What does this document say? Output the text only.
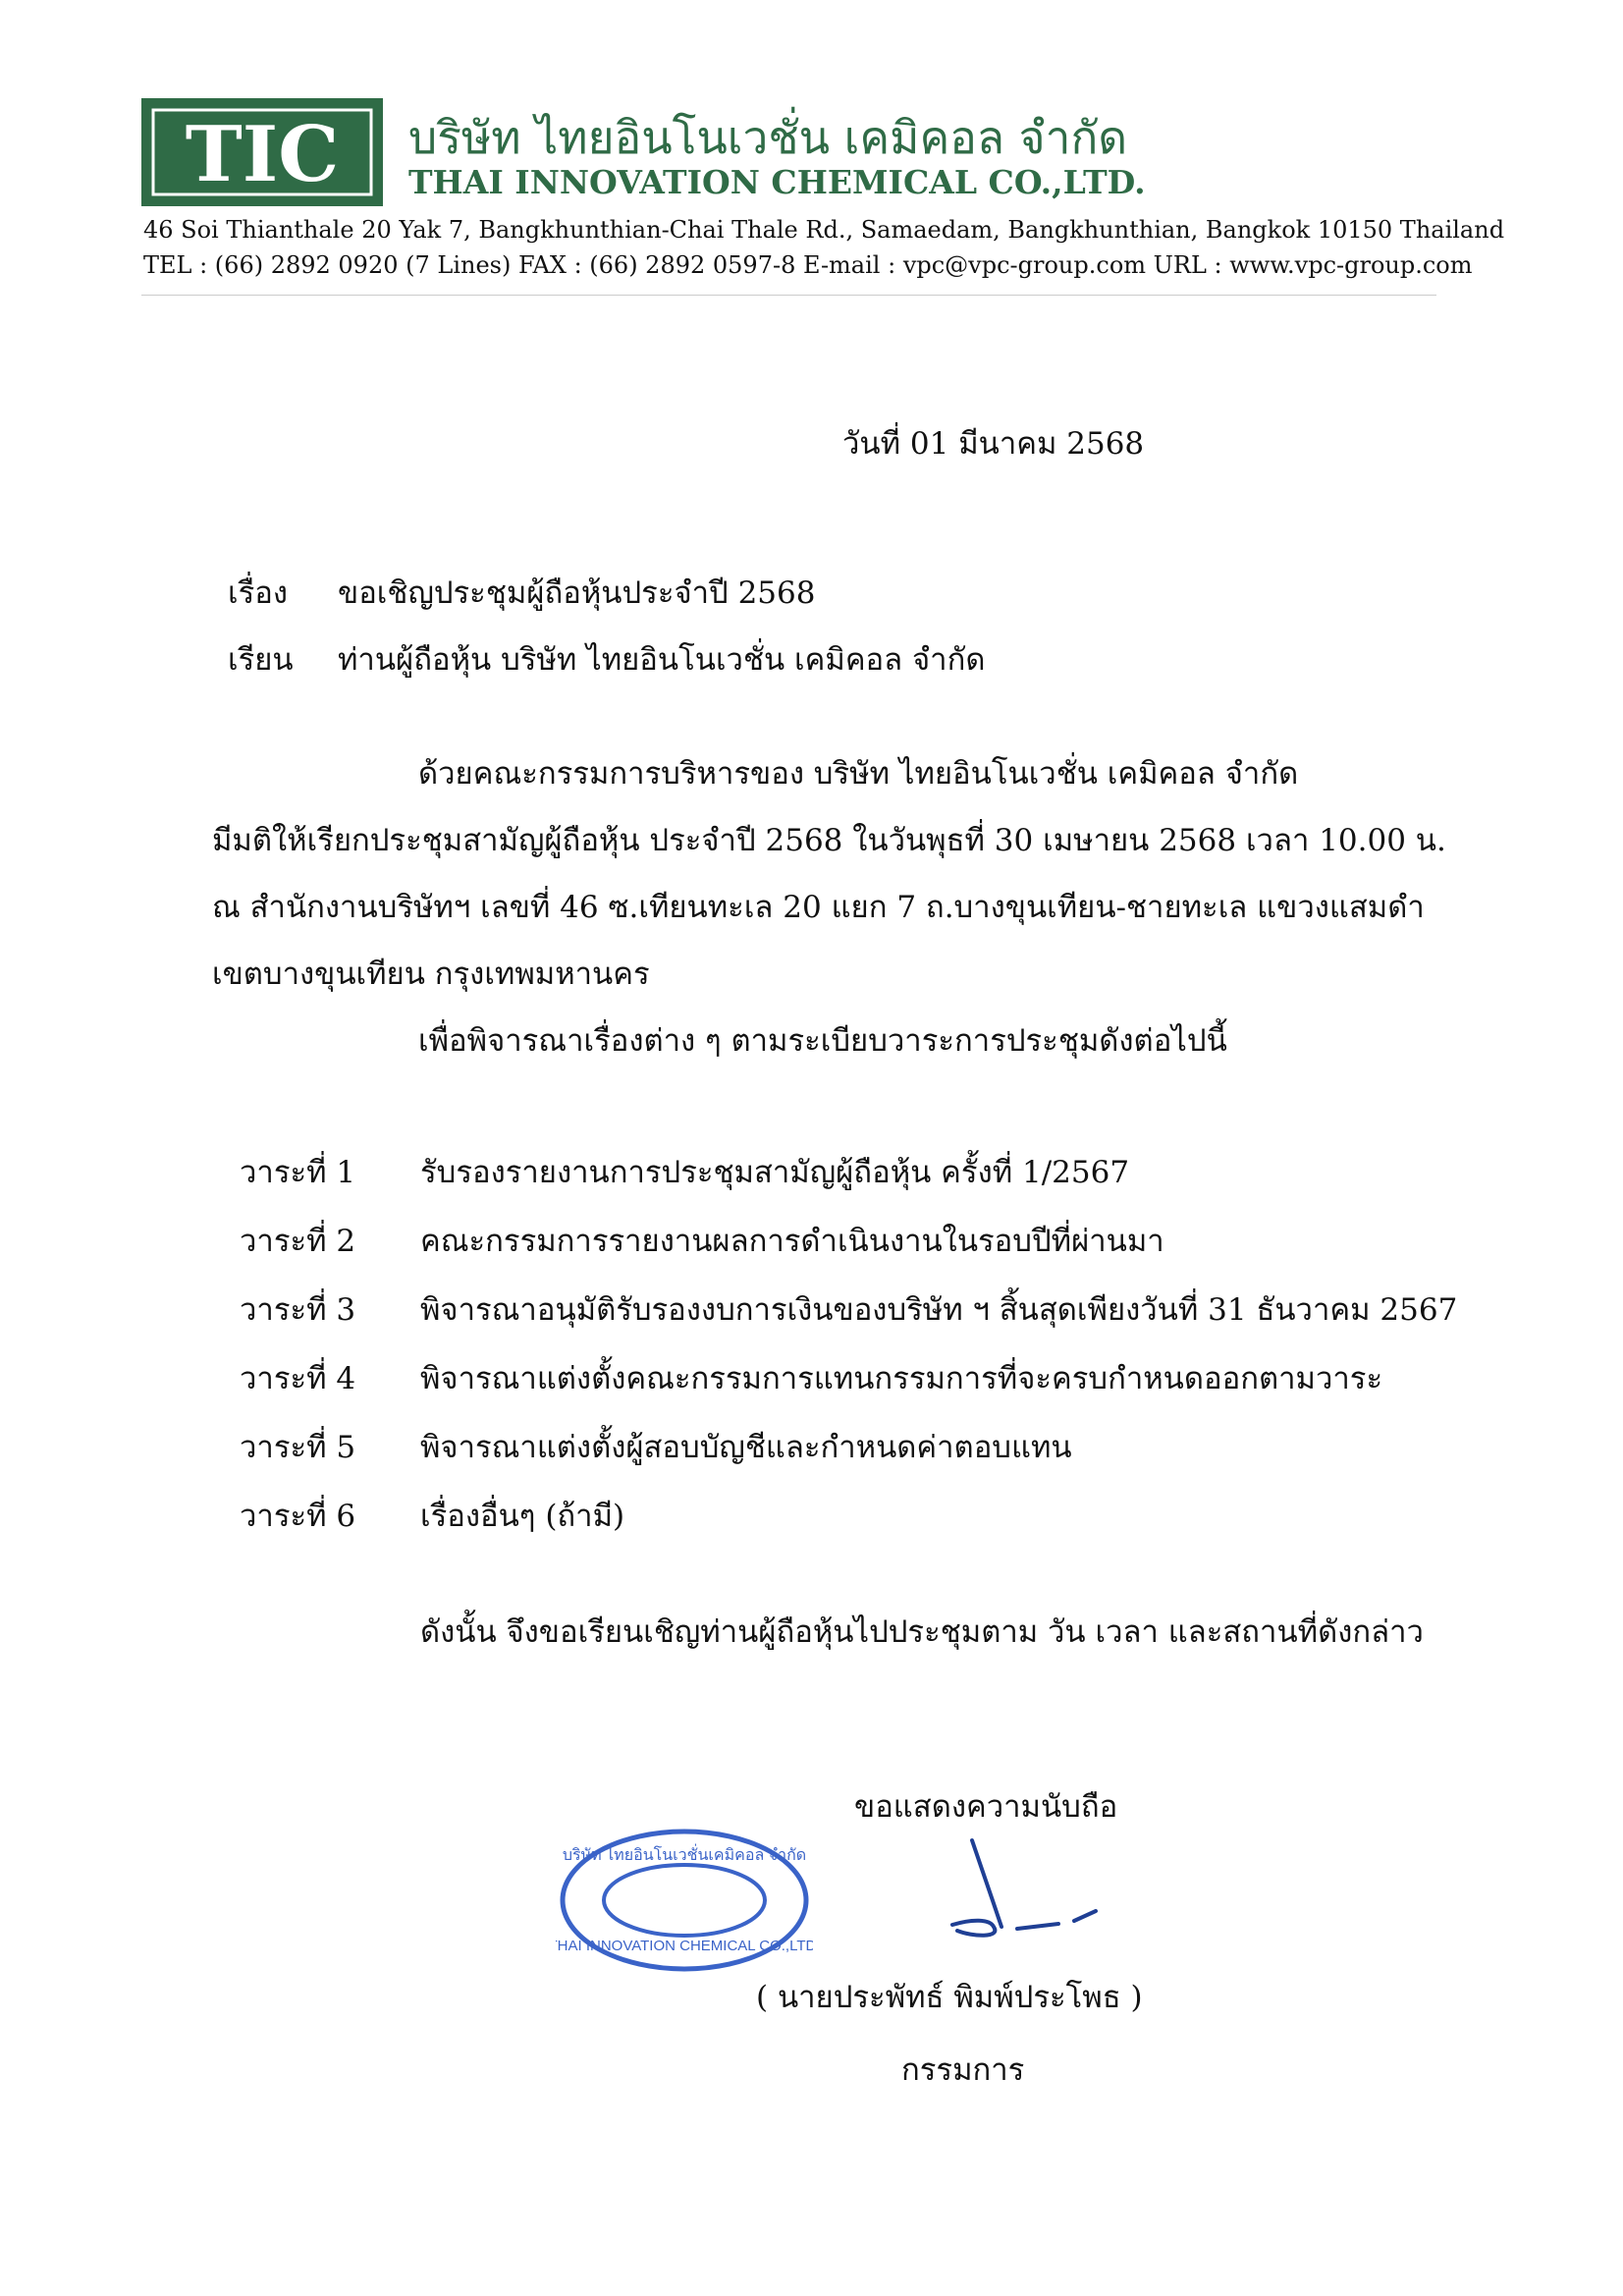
TIC บริษัท ไทยอินโนเวชั่น เคมิคอล จำกัด
THAI INNOVATION CHEMICAL CO.,LTD.
46 Soi Thianthale 20 Yak 7, Bangkhunthian-Chai Thale Rd., Samaedam, Bangkhunthian, Bangkok 10150 Thailand
TEL : (66) 2892 0920 (7 Lines) FAX : (66) 2892 0597-8 E-mail : vpc@vpc-group.com URL : www.vpc-group.com
วันที่ 01 มีนาคม 2568
เรื่อง ขอเชิญประชุมผู้ถือหุ้นประจำปี 2568
เรียน ท่านผู้ถือหุ้น บริษัท ไทยอินโนเวชั่น เคมิคอล จำกัด

ด้วยคณะกรรมการบริหารของ บริษัท ไทยอินโนเวชั่น เคมิคอล จำกัด

มีมติให้เรียกประชุมสามัญผู้ถือหุ้น ประจำปี 2568 ในวันพุธที่ 30 เมษายน 2568 เวลา 10.00 น.

ณ สำนักงานบริษัทฯ เลขที่ 46 ซ.เทียนทะเล 20 แยก 7 ถ.บางขุนเทียน-ชายทะเล แขวงแสมดำ

เขตบางขุนเทียน กรุงเทพมหานคร

เพื่อพิจารณาเรื่องต่าง ๆ ตามระเบียบวาระการประชุมดังต่อไปนี้

วาระที่ 1	รับรองรายงานการประชุมสามัญผู้ถือหุ้น ครั้งที่ 1/2567
วาระที่ 2	คณะกรรมการรายงานผลการดำเนินงานในรอบปีที่ผ่านมา
วาระที่ 3	พิจารณาอนุมัติรับรองงบการเงินของบริษัท ฯ สิ้นสุดเพียงวันที่ 31 ธันวาคม 2567
วาระที่ 4	พิจารณาแต่งตั้งคณะกรรมการแทนกรรมการที่จะครบกำหนดออกตามวาระ
วาระที่ 5	พิจารณาแต่งตั้งผู้สอบบัญชีและกำหนดค่าตอบแทน
วาระที่ 6	เรื่องอื่นๆ (ถ้ามี)
ดังนั้น จึงขอเรียนเชิญท่านผู้ถือหุ้นไปประชุมตาม วัน เวลา และสถานที่ดังกล่าว
ขอแสดงความนับถือ
บริษัท ไทยอินโนเวชั่นเคมิคอล จำกัด
THAI INNOVATION CHEMICAL CO.,LTD.
( นายประพัทธ์ พิมพ์ประโพธ )
กรรมการ
